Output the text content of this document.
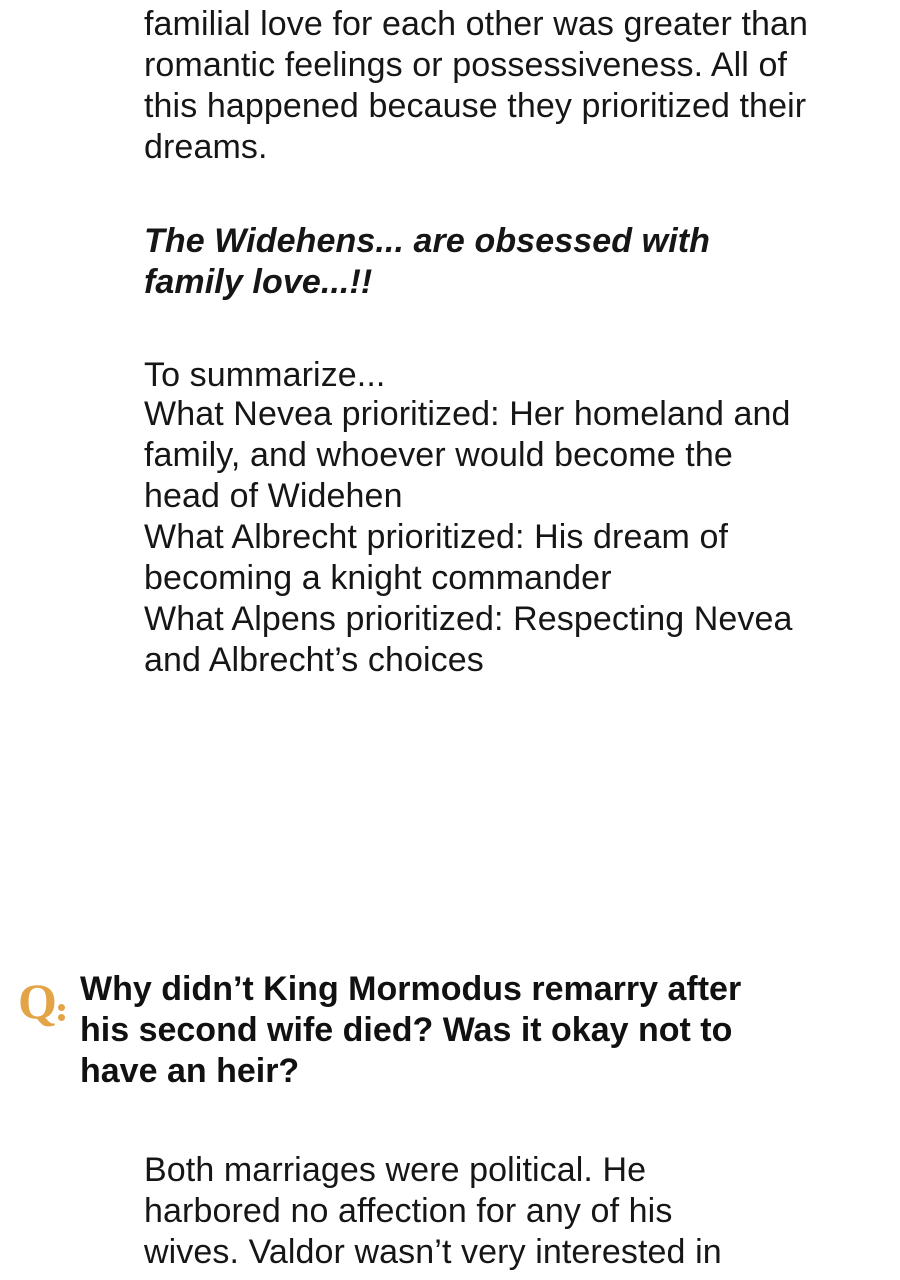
familial love for each other was greater than

romantic feelings or possessiveness. All of

this happened because they prioritized their

dreams.

The Widehens... are obsessed with

family love...!!

To summarize...

What Nevea prioritized: Her homeland and

family, and whoever would become the

head of Widehen

What Albrecht prioritized: His dream of

becoming a knight commander

What Alpens prioritized: Respecting Nevea

and Albrecht’s choices

Q Why didn’t King Mormodus remarry after

his second wife died? Was it okay not to

have an heir?

Both marriages were political. He

harbored no affection for any of his

wives. Valdor wasn’t very interested in
